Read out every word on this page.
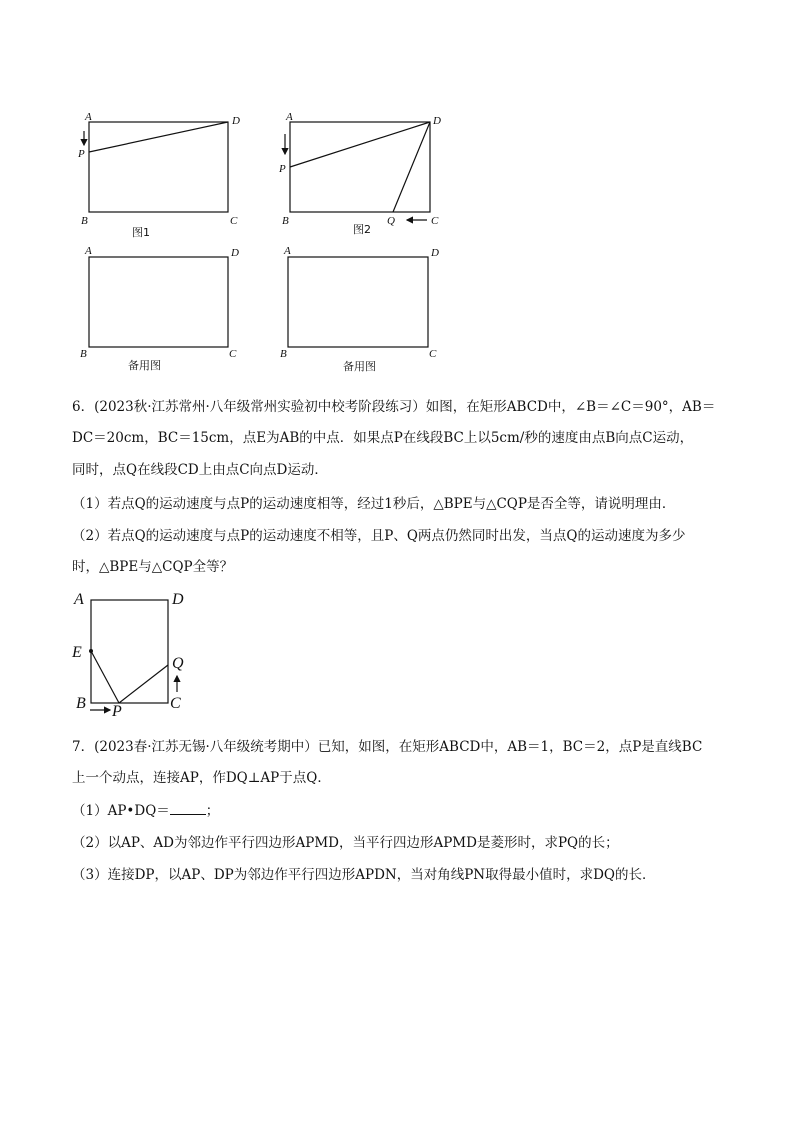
A	D
P
B	C
图1
A	D
P
B	Q	C
图2
A	D
B	C
备用图
A	D
B	C
备用图
A	D
E
Q
B	C
P
6．(2023秋·江苏常州·八年级常州实验初中校考阶段练习）如图，在矩形ABCD中，∠B＝∠C＝90°，AB＝
DC＝20cm，BC＝15cm，点E为AB的中点．如果点P在线段BC上以5cm/秒的速度由点B向点C运动，
同时，点Q在线段CD上由点C向点D运动．
（1）若点Q的运动速度与点P的运动速度相等，经过1秒后，△BPE与△CQP是否全等，请说明理由．
（2）若点Q的运动速度与点P的运动速度不相等，且P、Q两点仍然同时出发，当点Q的运动速度为多少
时，△BPE与△CQP全等？
7．(2023春·江苏无锡·八年级统考期中）已知，如图，在矩形ABCD中，AB＝1，BC＝2，点P是直线BC
上一个动点，连接AP，作DQ⊥AP于点Q．
（1）AP•DQ＝	；
（2）以AP、AD为邻边作平行四边形APMD，当平行四边形APMD是菱形时，求PQ的长；
（3）连接DP，以AP、DP为邻边作平行四边形APDN，当对角线PN取得最小值时，求DQ的长．
